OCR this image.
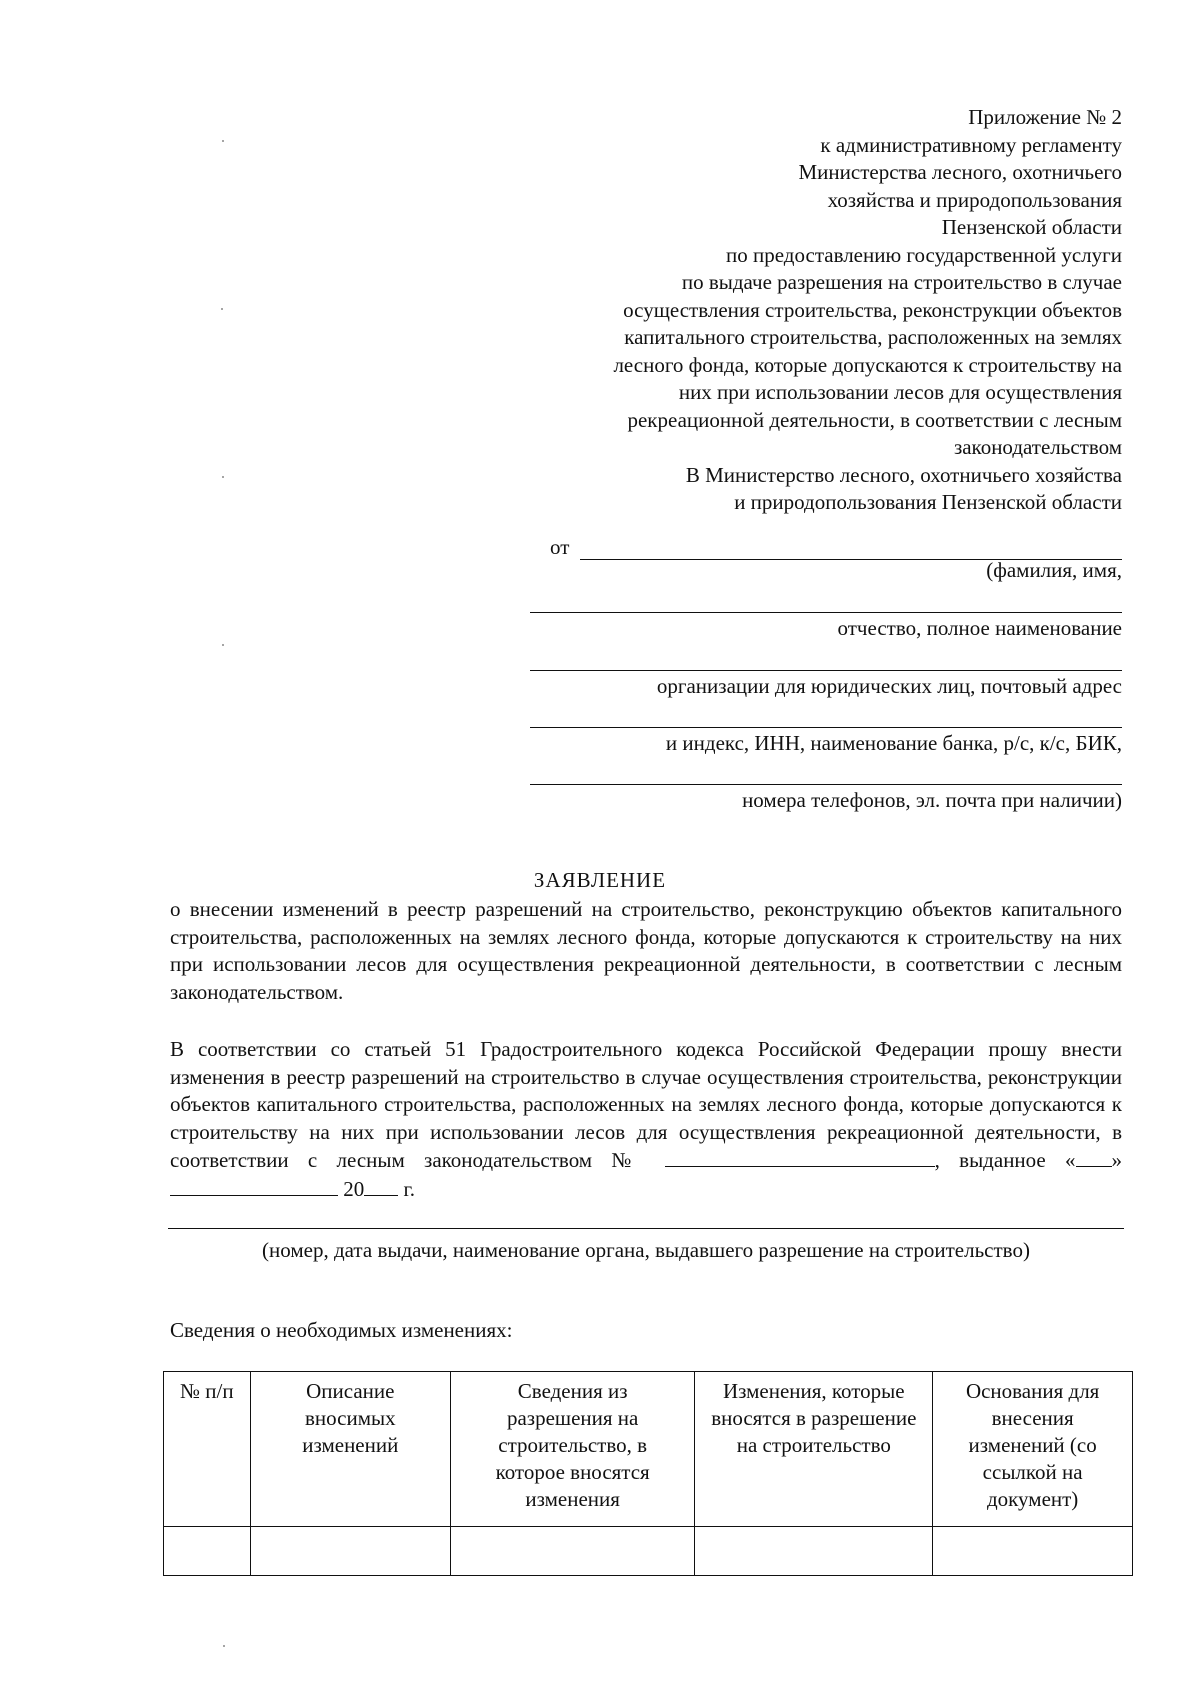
Приложение № 2
к административному регламенту
Министерства лесного, охотничьего
хозяйства и природопользования
Пензенской области
по предоставлению государственной услуги
по выдаче разрешения на строительство в случае
осуществления строительства, реконструкции объектов
капитального строительства, расположенных на землях
лесного фонда, которые допускаются к строительству на
них при использовании лесов для осуществления
рекреационной деятельности, в соответствии с лесным
законодательством
В Министерство лесного, охотничьего хозяйства
и природопользования Пензенской области
от
(фамилия, имя,
отчество, полное наименование
организации для юридических лиц, почтовый адрес
и индекс, ИНН, наименование банка, р/с, к/с, БИК,
номера телефонов, эл. почта при наличии)
ЗАЯВЛЕНИЕ
о внесении изменений в реестр разрешений на строительство, реконструкцию объектов капитального строительства, расположенных на землях лесного фонда, которые допускаются к строительству на них при использовании лесов для осуществления рекреационной деятельности, в соответствии с лесным законодательством.
В соответствии со статьей 51 Градостроительного кодекса Российской Федерации прошу внести изменения в реестр разрешений на строительство в случае осуществления строительства, реконструкции объектов капитального строительства, расположенных на землях лесного фонда, которые допускаются к строительству на них при использовании лесов для осуществления рекреационной деятельности, в соответствии с лесным законодательством №	, выданное « »  20 г.
(номер, дата выдачи, наименование органа, выдавшего разрешение на строительство)
Сведения о необходимых изменениях:
№ п/п	Описание вносимых изменений	Сведения из разрешения на строительство, в которое вносятся изменения	Изменения, которые вносятся в разрешение на строительство	Основания для внесения изменений (со ссылкой на документ)
